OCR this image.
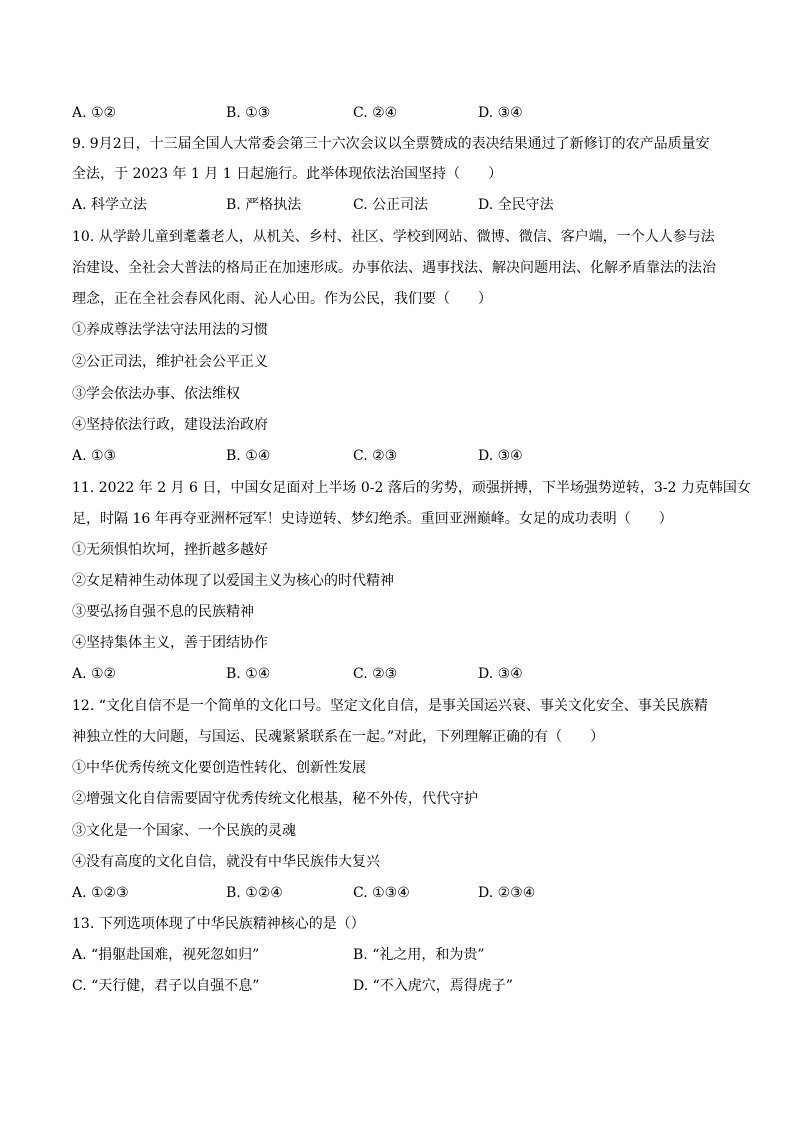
A. ①②	B. ①③	C. ②④	D. ③④
9. 9月2日，十三届全国人大常委会第三十六次会议以全票赞成的表决结果通过了新修订的农产品质量安
全法，于 2023 年 1 月 1 日起施行。此举体现依法治国坚持（　　）
A. 科学立法	B. 严格执法	C. 公正司法	D. 全民守法
10. 从学龄儿童到耄耋老人，从机关、乡村、社区、学校到网站、微博、微信、客户端，一个人人参与法
治建设、全社会大普法的格局正在加速形成。办事依法、遇事找法、解决问题用法、化解矛盾靠法的法治
理念，正在全社会春风化雨、沁人心田。作为公民，我们要（　　）
①养成尊法学法守法用法的习惯
②公正司法，维护社会公平正义
③学会依法办事、依法维权
④坚持依法行政，建设法治政府
A. ①③	B. ①④	C. ②③	D. ③④
11. 2022 年 2 月 6 日，中国女足面对上半场 0-2 落后的劣势，顽强拼搏，下半场强势逆转，3-2 力克韩国女
足，时隔 16 年再夺亚洲杯冠军！史诗逆转、梦幻绝杀。重回亚洲巅峰。女足的成功表明（　　）
①无须惧怕坎坷，挫折越多越好
②女足精神生动体现了以爱国主义为核心的时代精神
③要弘扬自强不息的民族精神
④坚持集体主义，善于团结协作
A. ①②	B. ①④	C. ②③	D. ③④
12. “文化自信不是一个简单的文化口号。坚定文化自信，是事关国运兴衰、事关文化安全、事关民族精
神独立性的大问题，与国运、民魂紧紧联系在一起。”对此，下列理解正确的有（　　）
①中华优秀传统文化要创造性转化、创新性发展
②增强文化自信需要固守优秀传统文化根基，秘不外传，代代守护
③文化是一个国家、一个民族的灵魂
④没有高度的文化自信，就没有中华民族伟大复兴
A. ①②③	B. ①②④	C. ①③④	D. ②③④
13. 下列选项体现了中华民族精神核心的是（）
A. “捐躯赴国难，视死忽如归”	B. “礼之用，和为贵”
C. “天行健，君子以自强不息”	D. “不入虎穴，焉得虎子”
